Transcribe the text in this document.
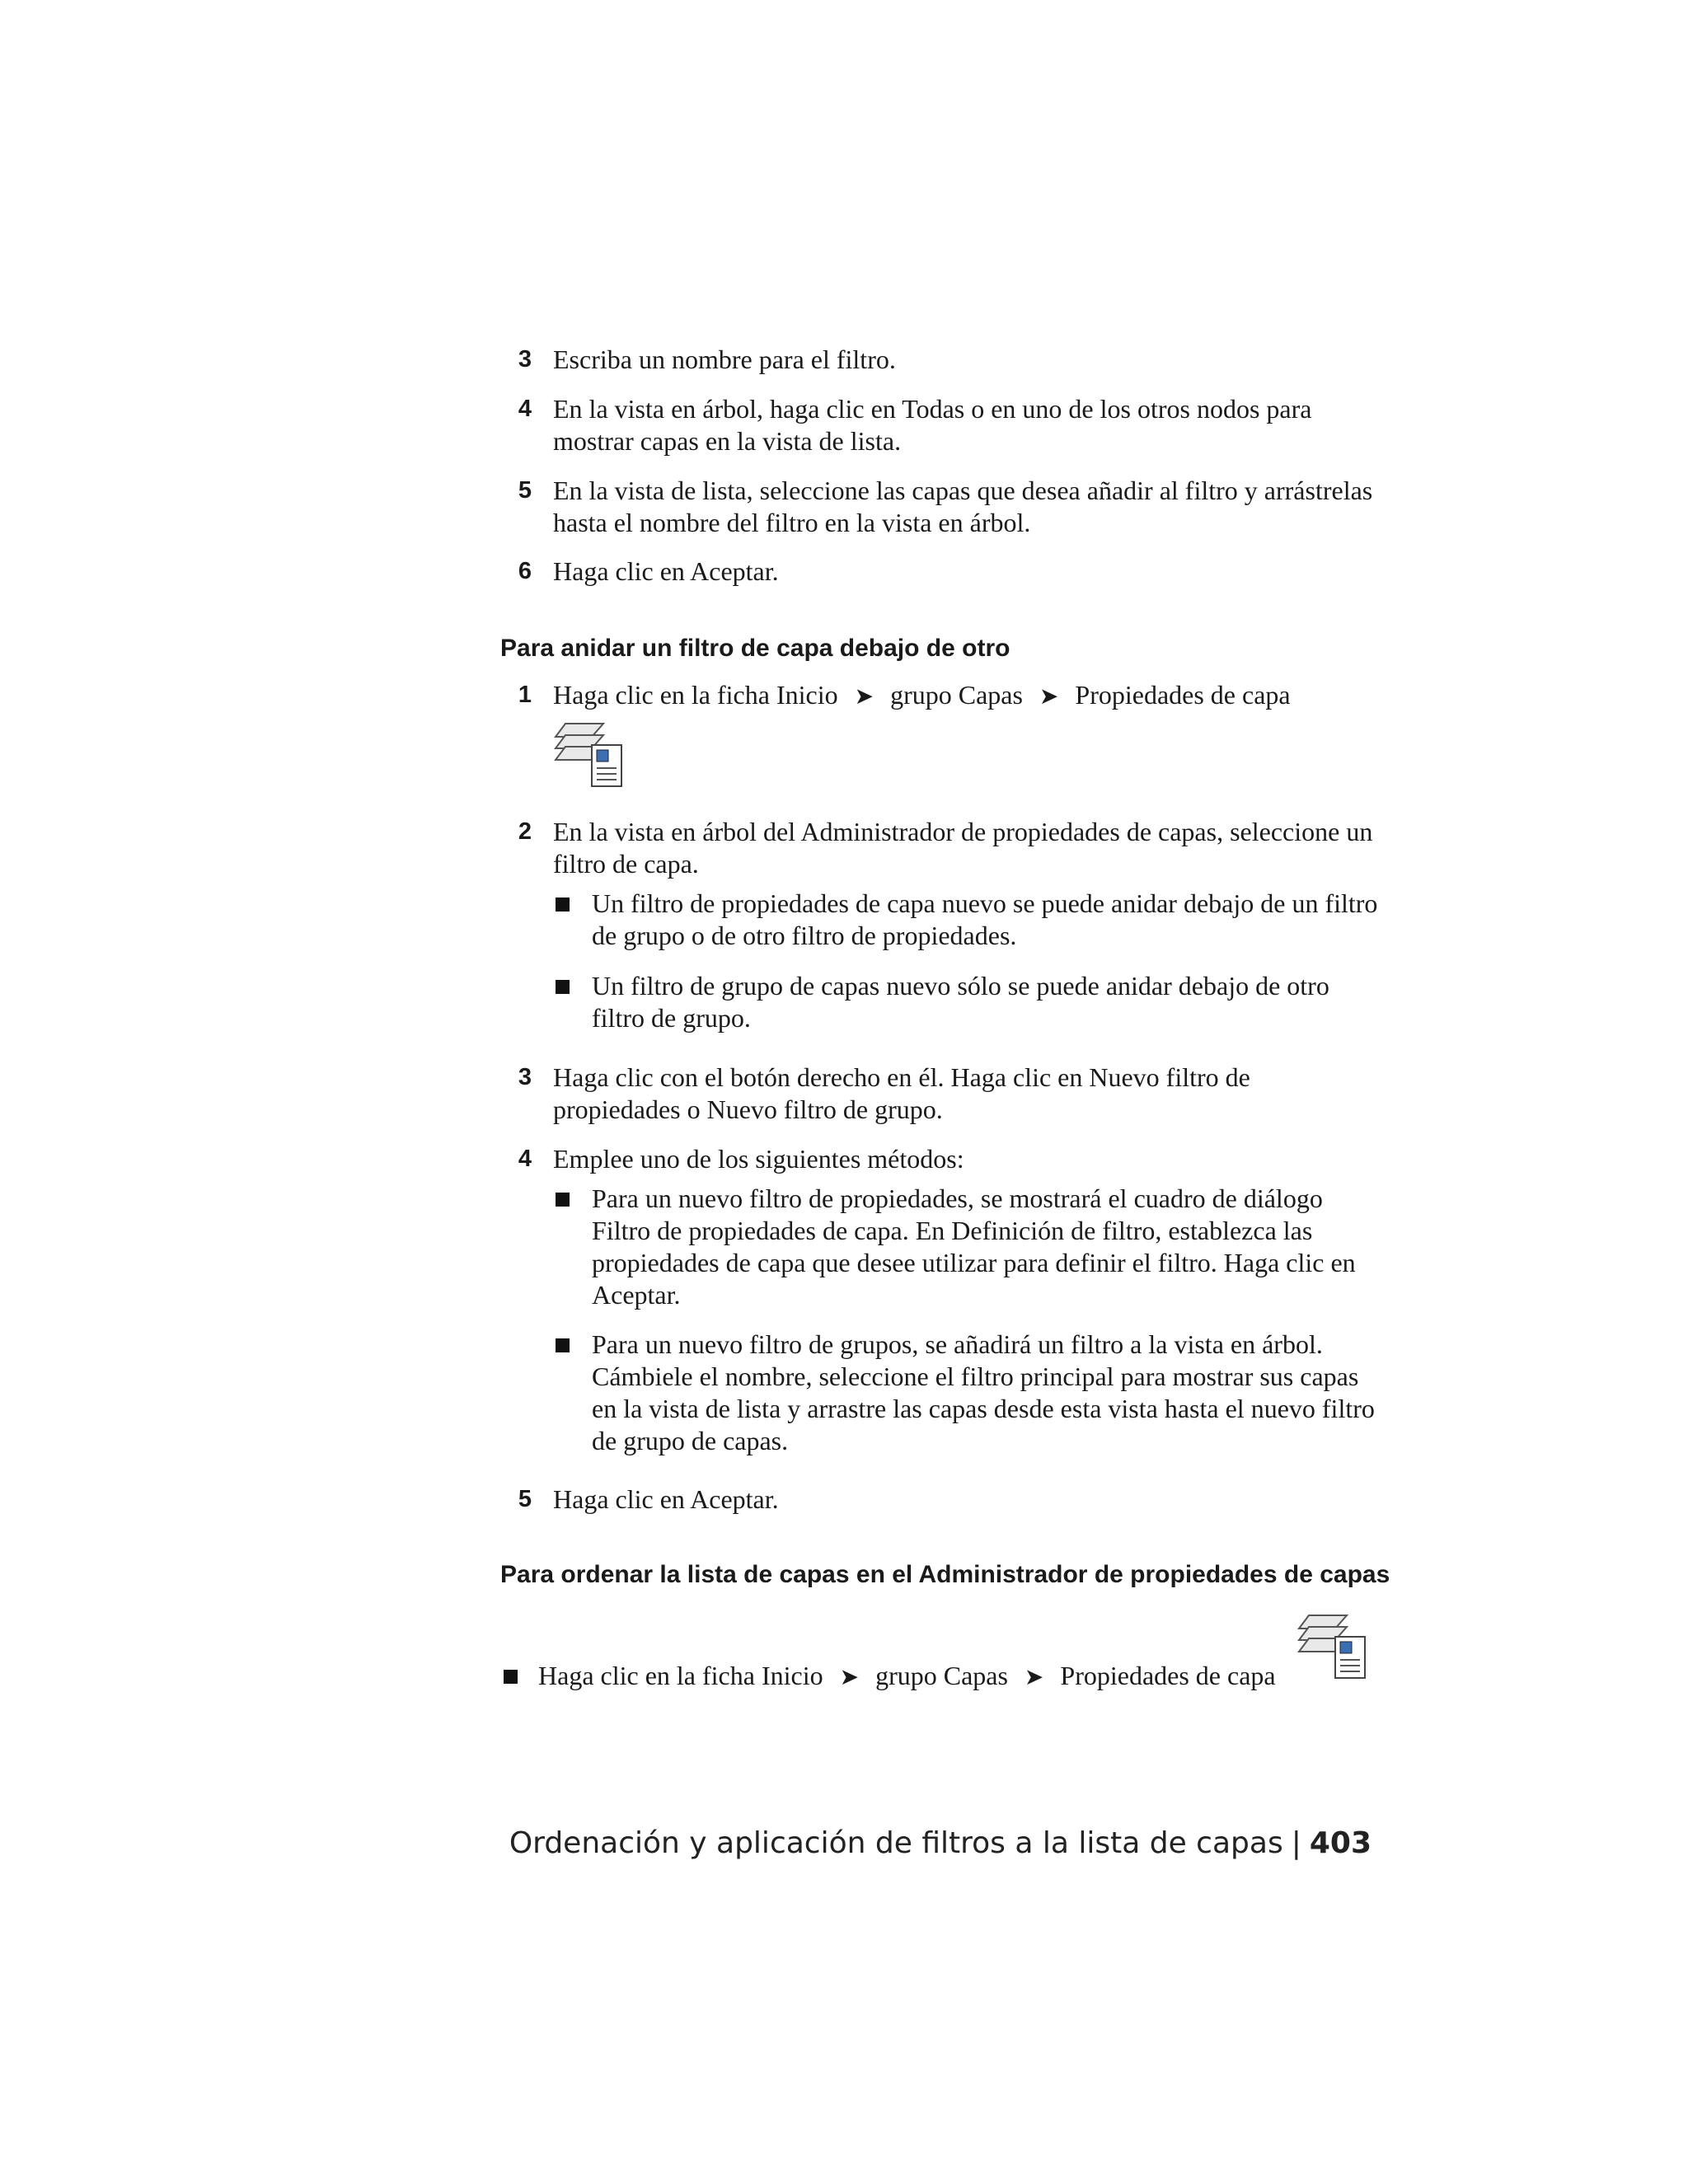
3 Escriba un nombre para el filtro.
4 En la vista en árbol, haga clic en Todas o en uno de los otros nodos para mostrar capas en la vista de lista.
5 En la vista de lista, seleccione las capas que desea añadir al filtro y arrástrelas hasta el nombre del filtro en la vista en árbol.
6 Haga clic en Aceptar.
Para anidar un filtro de capa debajo de otro
1 Haga clic en la ficha Inicio ➤ grupo Capas ➤ Propiedades de capa
2 En la vista en árbol del Administrador de propiedades de capas, seleccione un filtro de capa.
Un filtro de propiedades de capa nuevo se puede anidar debajo de un filtro de grupo o de otro filtro de propiedades.
Un filtro de grupo de capas nuevo sólo se puede anidar debajo de otro filtro de grupo.
3 Haga clic con el botón derecho en él. Haga clic en Nuevo filtro de propiedades o Nuevo filtro de grupo.
4 Emplee uno de los siguientes métodos:
Para un nuevo filtro de propiedades, se mostrará el cuadro de diálogo Filtro de propiedades de capa. En Definición de filtro, establezca las propiedades de capa que desee utilizar para definir el filtro. Haga clic en Aceptar.
Para un nuevo filtro de grupos, se añadirá un filtro a la vista en árbol. Cámbiele el nombre, seleccione el filtro principal para mostrar sus capas en la vista de lista y arrastre las capas desde esta vista hasta el nuevo filtro de grupo de capas.
5 Haga clic en Aceptar.
Para ordenar la lista de capas en el Administrador de propiedades de capas
Haga clic en la ficha Inicio ➤ grupo Capas ➤ Propiedades de capa
Ordenación y aplicación de filtros a la lista de capas | 403
